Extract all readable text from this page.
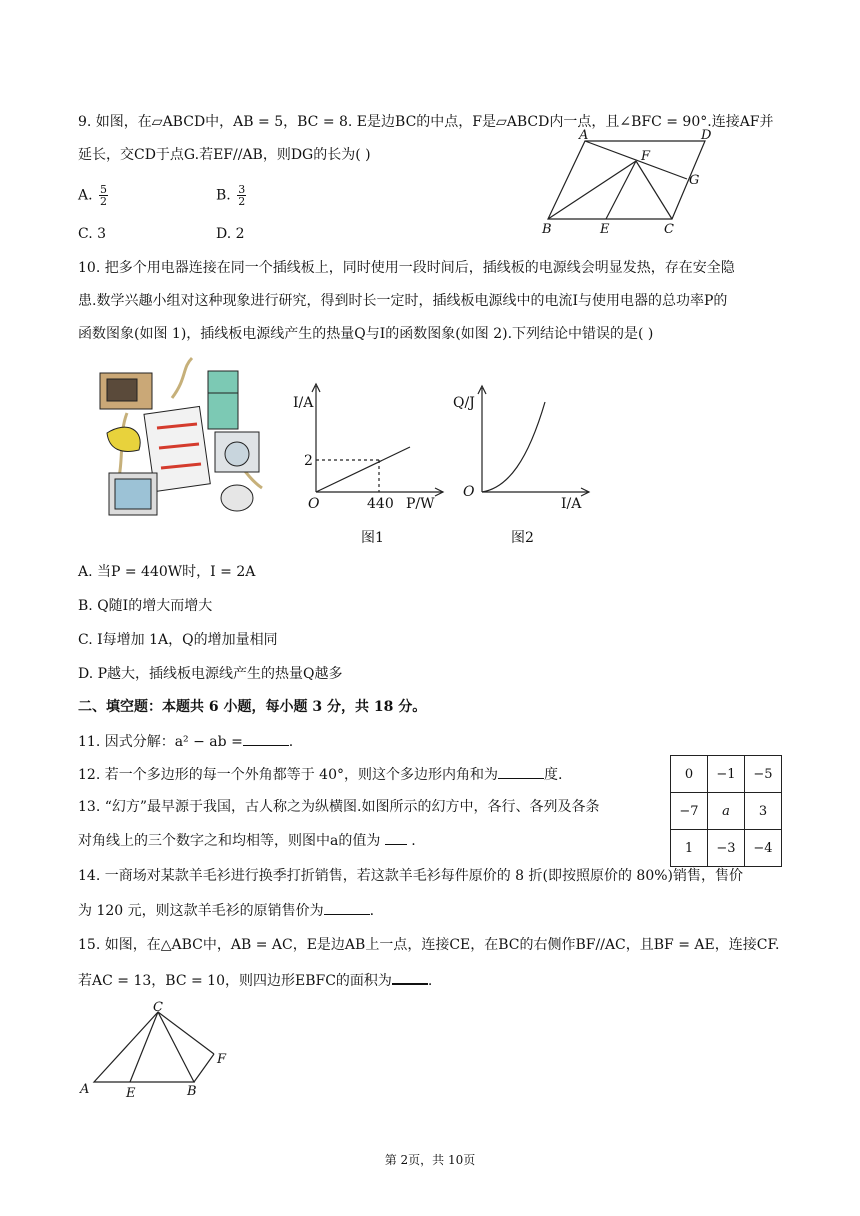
9. 如图，在▱ABCD中，AB = 5，BC = 8. E是边BC的中点，F是▱ABCD内一点，且∠BFC = 90°.连接AF并
延长，交CD于点G.若EF//AB，则DG的长为( )
A. $\frac{5}{2}$	B. $\frac{3}{2}$
C. 3	D. 2
A	D
F
G
B	E	C
10. 把多个用电器连接在同一个插线板上，同时使用一段时间后，插线板的电源线会明显发热，存在安全隐
患.数学兴趣小组对这种现象进行研究，得到时长一定时，插线板电源线中的电流I与使用电器的总功率P的
函数图象(如图 1)，插线板电源线产生的热量Q与I的函数图象(如图 2).下列结论中错误的是( )
I/A
P/W
O
2
440
图1
Q/J
I/A
O
图2
A. 当P = 440W时，I = 2A
B. Q随I的增大而增大
C. I每增加 1A，Q的增加量相同
D. P越大，插线板电源线产生的热量Q越多
二、填空题：本题共 6 小题，每小题 3 分，共 18 分。
11. 因式分解：a² − ab =	.
12. 若一个多边形的每一个外角都等于 40°，则这个多边形内角和为	度.	0	−1	−5
−7	a	3
1	−3	−4
13. “幻方”最早源于我国，古人称之为纵横图.如图所示的幻方中，各行、各列及各条
对角线上的三个数字之和均相等，则图中a的值为 .
14. 一商场对某款羊毛衫进行换季打折销售，若这款羊毛衫每件原价的 8 折(即按照原价的 80%)销售，售价
为 120 元，则这款羊毛衫的原销售价为	.
15. 如图，在△ABC中，AB = AC，E是边AB上一点，连接CE，在BC的右侧作BF//AC，且BF = AE，连接CF.
若AC = 13，BC = 10，则四边形EBFC的面积为	.
C
F
A	E	B
第 2页，共 10页
